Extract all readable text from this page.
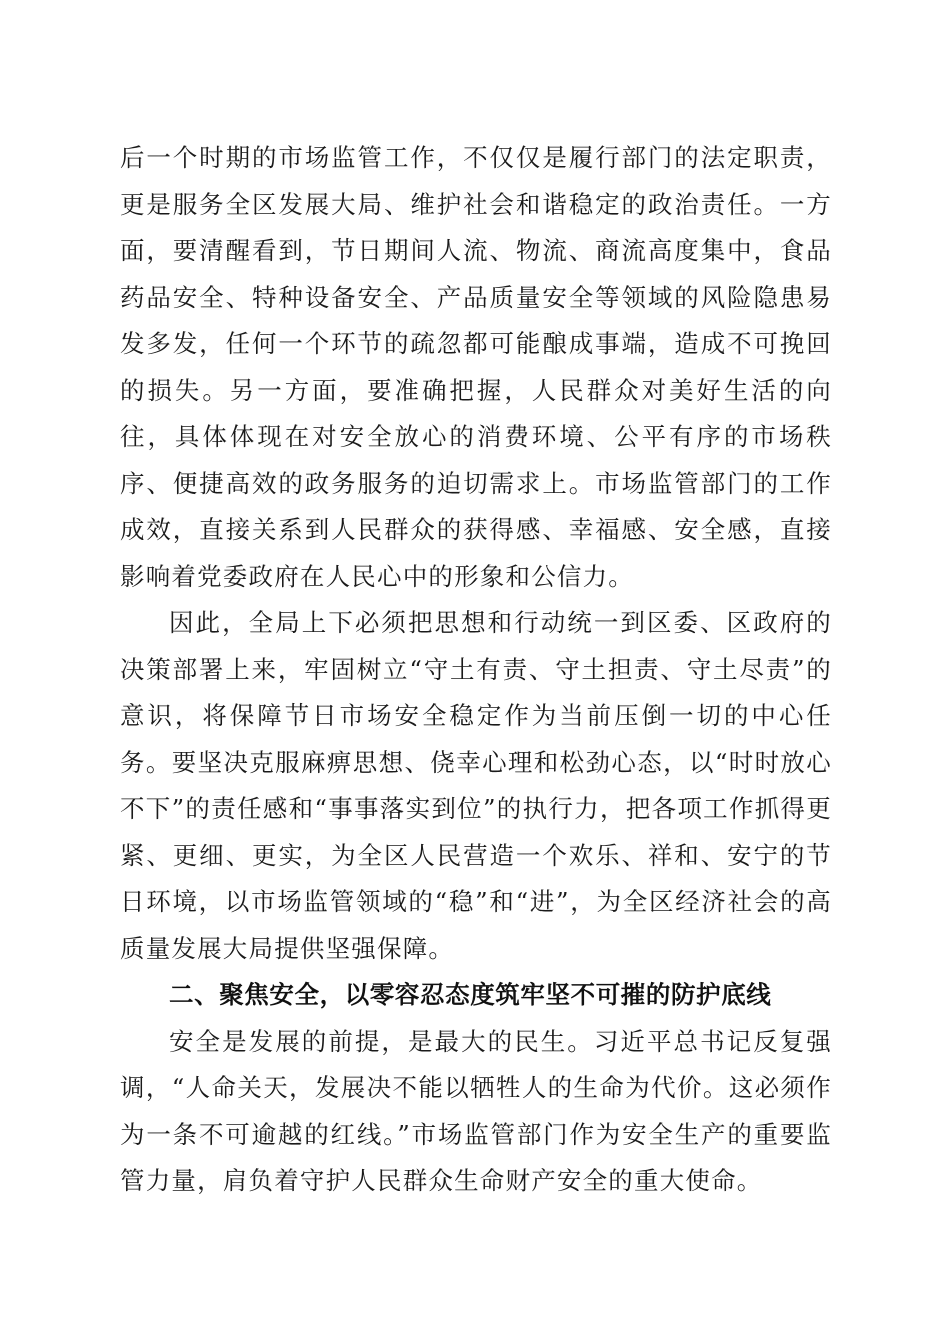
后一个时期的市场监管工作，不仅仅是履行部门的法定职责，更是服务全区发展大局、维护社会和谐稳定的政治责任。一方面，要清醒看到，节日期间人流、物流、商流高度集中，食品药品安全、特种设备安全、产品质量安全等领域的风险隐患易发多发，任何一个环节的疏忽都可能酿成事端，造成不可挽回的损失。另一方面，要准确把握，人民群众对美好生活的向往，具体体现在对安全放心的消费环境、公平有序的市场秩序、便捷高效的政务服务的迫切需求上。市场监管部门的工作成效，直接关系到人民群众的获得感、幸福感、安全感，直接影响着党委政府在人民心中的形象和公信力。

因此，全局上下必须把思想和行动统一到区委、区政府的决策部署上来，牢固树立“守土有责、守土担责、守土尽责”的意识，将保障节日市场安全稳定作为当前压倒一切的中心任务。要坚决克服麻痹思想、侥幸心理和松劲心态，以“时时放心不下”的责任感和“事事落实到位”的执行力，把各项工作抓得更紧、更细、更实，为全区人民营造一个欢乐、祥和、安宁的节日环境，以市场监管领域的“稳”和“进”，为全区经济社会的高质量发展大局提供坚强保障。

二、聚焦安全，以零容忍态度筑牢坚不可摧的防护底线

安全是发展的前提，是最大的民生。习近平总书记反复强调，“人命关天，发展决不能以牺牲人的生命为代价。这必须作为一条不可逾越的红线。”市场监管部门作为安全生产的重要监管力量，肩负着守护人民群众生命财产安全的重大使命。
